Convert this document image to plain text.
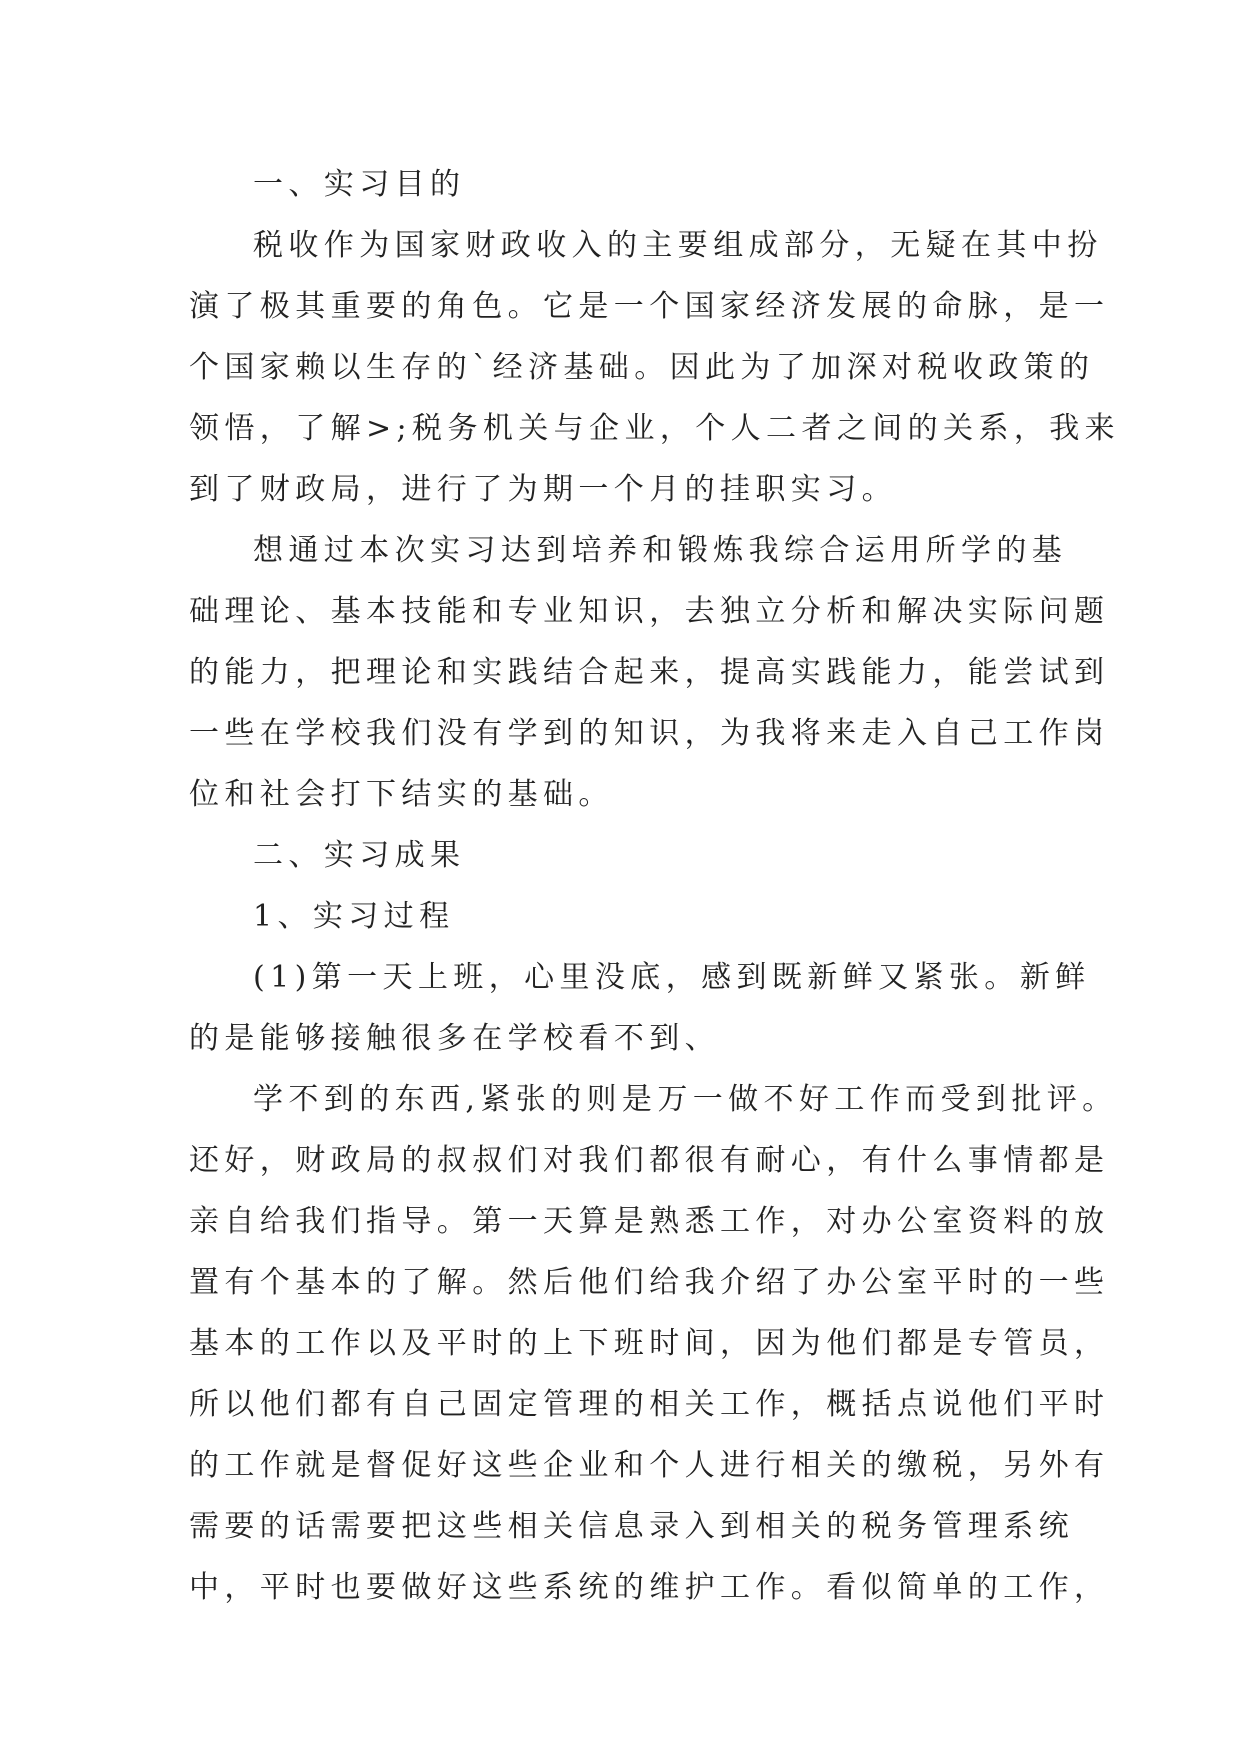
一、实习目的
税收作为国家财政收入的主要组成部分，无疑在其中扮
演了极其重要的角色。它是一个国家经济发展的命脉，是一
个国家赖以生存的`经济基础。因此为了加深对税收政策的
领悟，了解>;税务机关与企业，个人二者之间的关系，我来
到了财政局，进行了为期一个月的挂职实习。
想通过本次实习达到培养和锻炼我综合运用所学的基
础理论、基本技能和专业知识，去独立分析和解决实际问题
的能力，把理论和实践结合起来，提高实践能力，能尝试到
一些在学校我们没有学到的知识，为我将来走入自己工作岗
位和社会打下结实的基础。
二、实习成果
1、实习过程
(1)第一天上班，心里没底，感到既新鲜又紧张。新鲜
的是能够接触很多在学校看不到、
学不到的东西,紧张的则是万一做不好工作而受到批评。
还好，财政局的叔叔们对我们都很有耐心，有什么事情都是
亲自给我们指导。第一天算是熟悉工作，对办公室资料的放
置有个基本的了解。然后他们给我介绍了办公室平时的一些
基本的工作以及平时的上下班时间，因为他们都是专管员，
所以他们都有自己固定管理的相关工作，概括点说他们平时
的工作就是督促好这些企业和个人进行相关的缴税，另外有
需要的话需要把这些相关信息录入到相关的税务管理系统
中，平时也要做好这些系统的维护工作。看似简单的工作，
